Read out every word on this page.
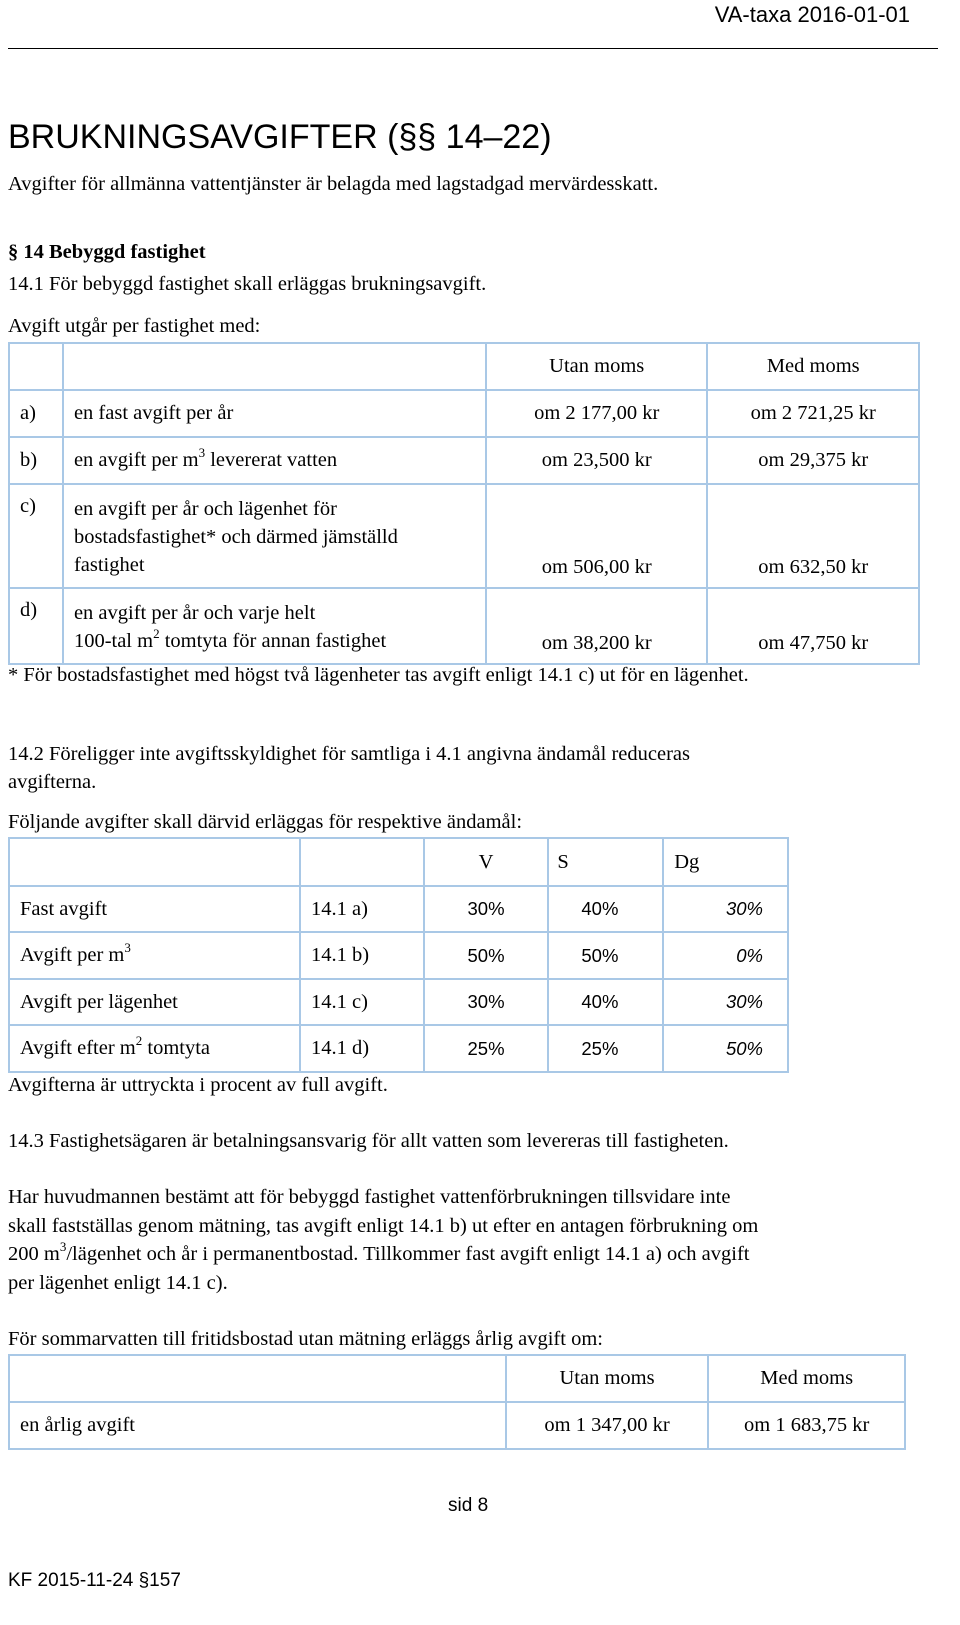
VA-taxa 2016-01-01
BRUKNINGSAVGIFTER (§§ 14–22)
Avgifter för allmänna vattentjänster är belagda med lagstadgad mervärdesskatt.
§ 14 Bebyggd fastighet
14.1 För bebyggd fastighet skall erläggas brukningsavgift.
Avgift utgår per fastighet med:
		Utan moms	Med moms
a)	en fast avgift per år	om 2 177,00 kr	om 2 721,25 kr
b)	en avgift per $m^3$ levererat vatten	om 23,500 kr	om 29,375 kr
c)	en avgift per år och lägenhet för
bostadsfastighet* och därmed jämställd
fastighet	om 506,00 kr	om 632,50 kr
d)	en avgift per år och varje helt
100-tal $m^2$ tomtyta för annan fastighet	om 38,200 kr	om 47,750 kr
* För bostadsfastighet med högst två lägenheter tas avgift enligt 14.1 c) ut för en lägenhet.
14.2 Föreligger inte avgiftsskyldighet för samtliga i 4.1 angivna ändamål reduceras
avgifterna.
Följande avgifter skall därvid erläggas för respektive ändamål:
		V	S	Dg
Fast avgift	14.1 a)	30%	40%	30%
Avgift per $m^3$	14.1 b)	50%	50%	0%
Avgift per lägenhet	14.1 c)	30%	40%	30%
Avgift efter $m^2$ tomtyta	14.1 d)	25%	25%	50%
Avgifterna är uttryckta i procent av full avgift.
14.3 Fastighetsägaren är betalningsansvarig för allt vatten som levereras till fastigheten.
Har huvudmannen bestämt att för bebyggd fastighet vattenförbrukningen tillsvidare inte
skall fastställas genom mätning, tas avgift enligt 14.1 b) ut efter en antagen förbrukning om
200 $m^3$/lägenhet och år i permanentbostad. Tillkommer fast avgift enligt 14.1 a) och avgift
per lägenhet enligt 14.1 c).
För sommarvatten till fritidsbostad utan mätning erläggs årlig avgift om:
	Utan moms	Med moms
en årlig avgift	om 1 347,00 kr	om 1 683,75 kr
sid 8
KF 2015-11-24 §157
